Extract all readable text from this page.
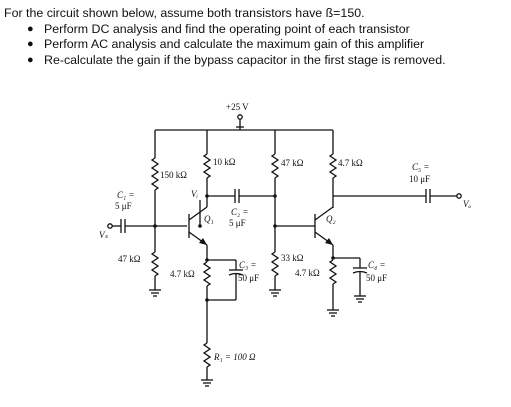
For the circuit shown below, assume both transistors have ß=150.

● Perform DC analysis and find the operating point of each transistor
● Perform AC analysis and calculate the maximum gain of this amplifier
● Re-calculate the gain if the bypass capacitor in the first stage is removed.
+25 V
150 kΩ
10 kΩ	47 kΩ	4.7 kΩ	C₅ =
10 μF
Vₒ
C₁ =
5 μF
Vₛ
Vᵢ
Q₁
C₂ =
5 μF	Q₂
47 kΩ
4.7 kΩ
C₃ =
50 μF
R₁ = 100 Ω
33 kΩ
4.7 kΩ
C₄ =
50 μF
